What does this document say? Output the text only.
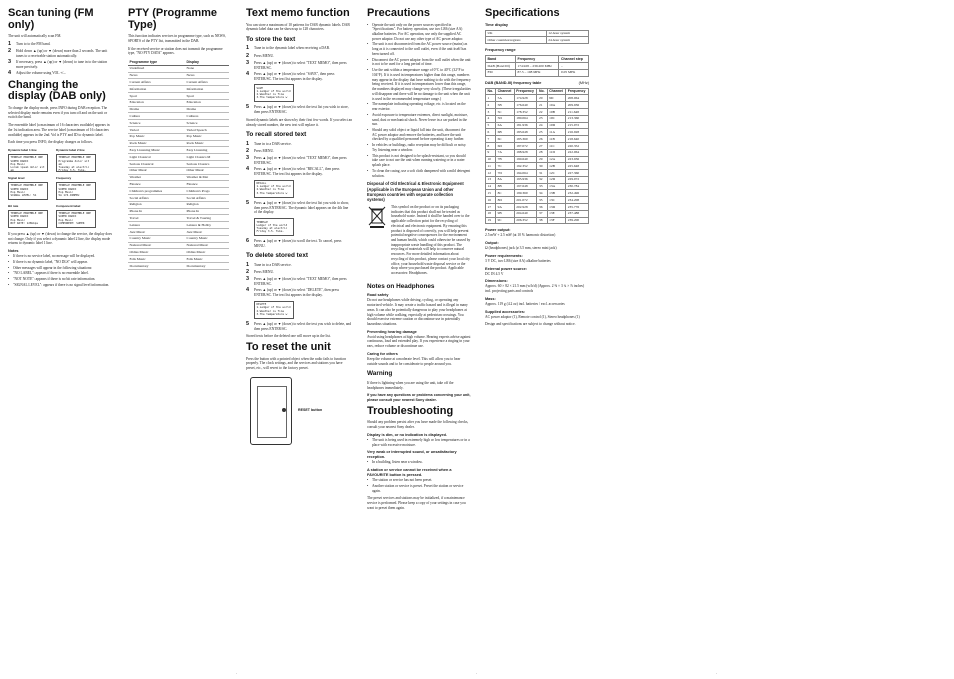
Scan tuning (FM only)

The unit will automatically scan FM.

1	Turn to to the FM band.
2	Hold down ▲ (up) or ▼ (down) more than 2 seconds. The unit tunes to a receivable station automatically.
3	If necessary, press ▲ (up) or ▼ (down) to tune in to the station more precisely.
4	Adjust the volume using VOL +/–.
Changing the display (DAB only)

To change the display mode, press INFO during DAB reception. The selected display mode remains even if you turn off and on the unit or switch the band.

The ensemble label (a maximum of 16 characters available) appears in the 1st indication area. The service label (a maximum of 16 characters available) appears in the 2nd. Vol is PTY and ID to dynamic label.

Each time you press INFO, the display changes as follows.

Dynamic label 1 line
TENBSLE ENSEMBLE ONE
SUPER RADIO
Pop Music
Lorem ipsum dolor sit am
Dynamic label 2 line
TENBSLE ENSEMBLE ONE
Programme dolor sit am
Tuesday at electric
Friday 3.5. Tuba.
Signal level
TENBSLE ENSEMBLE ONE
SUPER RADIO
Pop Music
SIGNAL LEVEL: 51
Frequency
TENBSLE ENSEMBLE ONE
SUPER RADIO
Pop Music
5A 174.928MHz
Bit rate
TENBSLE ENSEMBLE ONE
SUPER RADIO
Pop Music
BIT RATE: 128kbps
Component label
TENBSLE ENSEMBLE ONE
SUPER RADIO
Pop Music
COMPONENT: SUPER

If you press ▲ (up) or ▼ (down) to change the service, the display does not change. Only if you select a dynamic label 2 line, the display mode returns to dynamic label 1 line.

Notes
• If there is no service label, no message will be displayed.
• If there is no dynamic label, "NO DLS" will appear.
• Other messages will appear in the following situations:
• "NO LABEL": appears if there is no ensemble label.
• "NOT NOTE": appears if there is no bit rate information.
• "SIGNAL LEVEL": appears if there is no signal level information.
PTY (Programme Type)

This function indicates services in programme type, such as NEWS, SPORTS of the PTY list, transmitted in the DAB.

If the received service or station does not transmit the programme type, "NO PTY DATA" appears.

Programme type	Display
Undefined	None
News	News
Current Affairs	Current Affairs
Information	Information
Sport	Sport
Education	Education
Drama	Drama
Culture	Cultures
Science	Science
Varied	Varied Speech
Pop Music	Pop Music
Rock Music	Rock Music
Easy Listening Music	Easy Listening
Light Classical	Light Classics M
Serious Classical	Serious Classics
Other Music	Other Music
Weather	Weather & Met
Finance	Finance
Children's programmes	Children's Progs
Social Affairs	Social Affairs
Religion	Religion
Phone In	Phone In
Travel	Travel & Touring
Leisure	Leisure & Hobby
Jazz Music	Jazz Music
Country Music	Country Music
National Music	National Music
Oldies Music	Oldies Music
Folk Music	Folk Music
Documentary	Documentary
Text memo function

You can store a maximum of 10 patterns for DAB dynamic labels. DAB dynamic label data can be shown up to 128 characters.

To store the text
1	Tune in to the dynamic label when receiving a DAB.
2	Press MENU.
3	Press ▲ (up) or ▼ (down) to select "TEXT MEMO", then press ENTER/SC.
4	Press ▲ (up) or ▼ (down) to select "SAVE", then press ENTER/SC. The text list appears in the display.
SAVE
1.Ledger of the world
2.Weather is fine
3.The temperature w
5	Press ▲ (up) or ▼ (down) to select the text list you wish to store, then press ENTER/SC.

Stored dynamic labels are shown by their first few words. If you select an already stored number, the new text will replace it.

To recall stored text
1	Tune in to a DAB service.
2	Press MENU.
3	Press ▲ (up) or ▼ (down) to select "TEXT MEMO", then press ENTER/SC.
4	Press ▲ (up) or ▼ (down) to select "RECALL", then press ENTER/SC. The text list appears in the display.
RECALL
1.Ledger of the world
2.Weather is fine
3.The temperature w
5	Press ▲ (up) or ▼ (down) to select the text list you wish to show, then press ENTER/SC. The dynamic label appears on the 4th line of the display.
TENBSLE
Ledger of the world
Tuesday at electric
Friday 3.5. Tuba.
6	Press ▲ (up) or ▼ (down) to scroll the text. To cancel, press MENU.
To delete stored text
1	Tune in to a DAB service.
2	Press MENU.
3	Press ▲ (up) or ▼ (down) to select "TEXT MEMO", then press ENTER/SC.
4	Press ▲ (up) or ▼ (down) to select "DELETE", then press ENTER/SC. The text list appears in the display.
DELETE
1.Ledger of the world
2.Weather is fine
3.The temperature w
5	Press ▲ (up) or ▼ (down) to select the text you wish to delete, and then press ENTER/SC.

Stored texts before the deleted one will move up in the list.

To reset the unit

Press the button with a pointed object when the radio fails to function properly. The clock settings, and the services and stations you have preset, etc., will revert to the factory preset.

RESET button
Precautions
• Operate the unit only on the power sources specified in "Specifications". For battery operation, use two LR6 (size AA) alkaline batteries. For AC operation, use only the supplied AC power adaptor. Do not use any other type of AC power adaptor.
• The unit is not disconnected from the AC power source (mains) as long as it is connected to the wall outlet, even if the unit itself has been turned off.
• Disconnect the AC power adaptor from the wall outlet when the unit is not to be used for a long period of time.
• Use the unit within a temperature range of 0°C to 40°C (32°F to 104°F). If it is used in temperatures higher than this range, numbers may appear in the display that have nothing to do with the frequency being received. If it is used in temperatures lower than this range, the numbers displayed may change very slowly. (These irregularities will disappear and there will be no damage to the unit when the unit is used in the recommended temperature range.)
• The nameplate indicating operating voltage, etc. is located on the rear exterior.
• Avoid exposure to temperature extremes, direct sunlight, moisture, sand, dust or mechanical shock. Never leave in a car parked in the sun.
• Should any solid object or liquid fall into the unit, disconnect the AC power adaptor and remove the batteries, and have the unit checked by a qualified personnel before operating it any further.
• In vehicles or buildings, radio reception may be difficult or noisy. Try listening near a window.
• This product is not designed to be splash-resistant, so you should take care to not use the unit when running watering or in a water splash place.
• To clean the casing, use a soft cloth dampened with a mild detergent solution.
Disposal of Old Electrical & Electronic Equipment (Applicable in the European Union and other European countries with separate collection systems)

This symbol on the product or on its packaging indicates that this product shall not be treated as household waste. Instead it shall be handed over to the applicable collection point for the recycling of electrical and electronic equipment. By ensuring this product is disposed of correctly, you will help prevent potential negative consequences for the environment and human health, which could otherwise be caused by inappropriate waste handling of this product. The recycling of materials will help to conserve natural resources. For more detailed information about recycling of this product, please contact your local city office, your household waste disposal service or the shop where you purchased the product. Applicable accessories: Headphones.

Notes on Headphones
Road safety

Do not use headphones while driving, cycling, or operating any motorized vehicle. It may create a traffic hazard and is illegal in many areas. It can also be potentially dangerous to play your headphones at high volume while walking, especially at pedestrian crossings. You should exercise extreme caution or discontinue use in potentially hazardous situations.

Preventing hearing damage

Avoid using headphones at high volume. Hearing experts advise against continuous, loud and extended play. If you experience a ringing in your ears, reduce volume or discontinue use.

Caring for others

Keep the volume at a moderate level. This will allow you to hear outside sounds and to be considerate to people around you.

Warning

If there is lightning when you are using the unit, take off the headphones immediately.

If you have any questions or problems concerning your unit, please consult your nearest Sony dealer.

Troubleshooting

Should any problem persist after you have made the following checks, consult your nearest Sony dealer.

Display is dim, or no indication is displayed.
• The unit is being used in extremely high or low temperatures or in a place with excessive moisture.
Very weak or interrupted sound, or unsatisfactory reception.
• In a building, listen near a window.
A station or service cannot be received when a FAVOURITE button is pressed.
• The station or service has not been preset.
• Another station or service is preset. Preset the station or service again.

The preset services and stations may be initialized, if a maintenance service is performed. Please keep a copy of your settings in case you want to preset them again.

Specifications
Time display
UK	12-hour system
Other countries/regions	24-hour system
Frequency range
Band	Frequency	Channel step
DAB (Band III)	174.928 – 239.200 MHz	–
FM	87.5 – 108 MHz	0.05 MHz
DAB (BAND-III) frequency table	(MHz)
No.	Channel	Frequency	No.	Channel	Frequency
1	5A	174.928	20	9D	208.064
2	5B	176.640	21	10A	209.936
3	5C	178.352	22	10B	211.648
4	5D	180.064	23	10C	213.360
5	6A	181.936	24	10D	215.072
6	6B	183.648	25	11A	216.928
7	6C	185.360	26	11B	218.640
8	6D	187.072	27	11C	220.352
9	7A	188.928	28	11D	222.064
10	7B	190.640	29	12A	223.936
11	7C	192.352	30	12B	225.648
12	7D	194.064	31	12C	227.360
13	8A	195.936	32	12D	229.072
14	8B	197.648	33	13A	230.784
15	8C	199.360	34	13B	232.496
16	8D	201.072	35	13C	234.208
17	9A	202.928	36	13D	235.776
18	9B	204.640	37	13E	237.488
19	9C	206.352	38	13F	239.200
Power output:

2.5 mW + 2.5 mW (at 10 % harmonic distortion)

Output:

Ω (headphones) jack (ø 3.5 mm, stereo mini jack)

Power requirements:

3 V DC, two LR6 (size AA) alkaline batteries

External power source:

DC IN 4.5 V

Dimensions:

Approx. 60 × 82 × 21.5 mm (w/h/d) (Approx. 2 ⅜ × 3 ¼ × ⅞ inches) incl. projecting parts and controls

Mass:

Approx. 119 g (4.2 oz) incl. batteries / excl. accessories

Supplied accessories:

AC power adaptor (1), Remote control (1), Stereo headphones (1)

Design and specifications are subject to change without notice.

·	·	·
